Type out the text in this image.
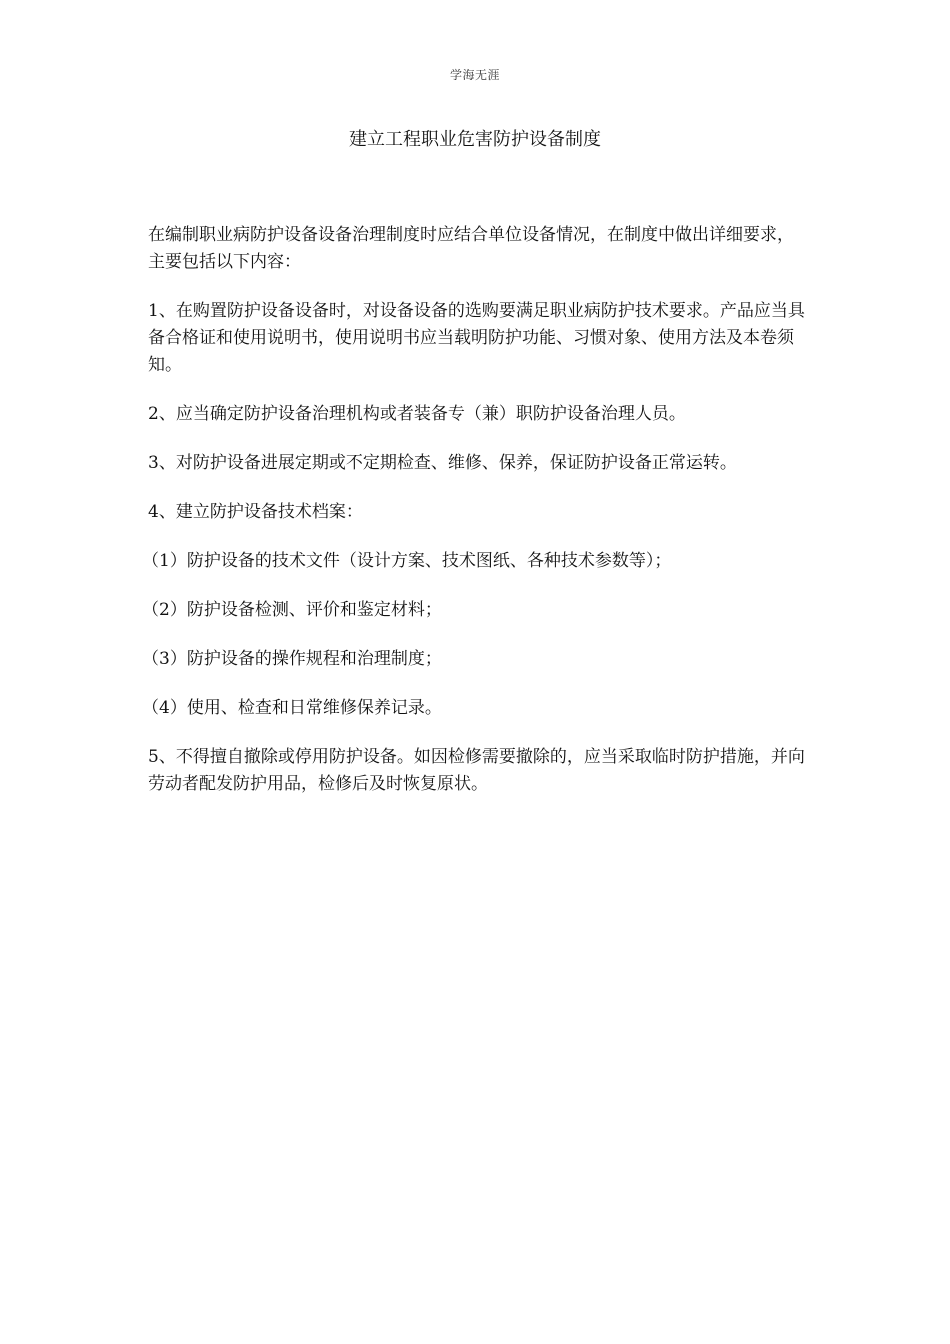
学海无涯
建立工程职业危害防护设备制度

在编制职业病防护设备设备治理制度时应结合单位设备情况，在制度中做出详细要求，主要包括以下内容：

1、在购置防护设备设备时，对设备设备的选购要满足职业病防护技术要求。产品应当具备合格证和使用说明书，使用说明书应当载明防护功能、习惯对象、使用方法及本卷须知。

2、应当确定防护设备治理机构或者装备专（兼）职防护设备治理人员。

3、对防护设备进展定期或不定期检查、维修、保养，保证防护设备正常运转。

4、建立防护设备技术档案：

（1）防护设备的技术文件（设计方案、技术图纸、各种技术参数等）；

（2）防护设备检测、评价和鉴定材料；

（3）防护设备的操作规程和治理制度；

（4）使用、检查和日常维修保养记录。

5、不得擅自撤除或停用防护设备。如因检修需要撤除的，应当采取临时防护措施，并向劳动者配发防护用品，检修后及时恢复原状。
